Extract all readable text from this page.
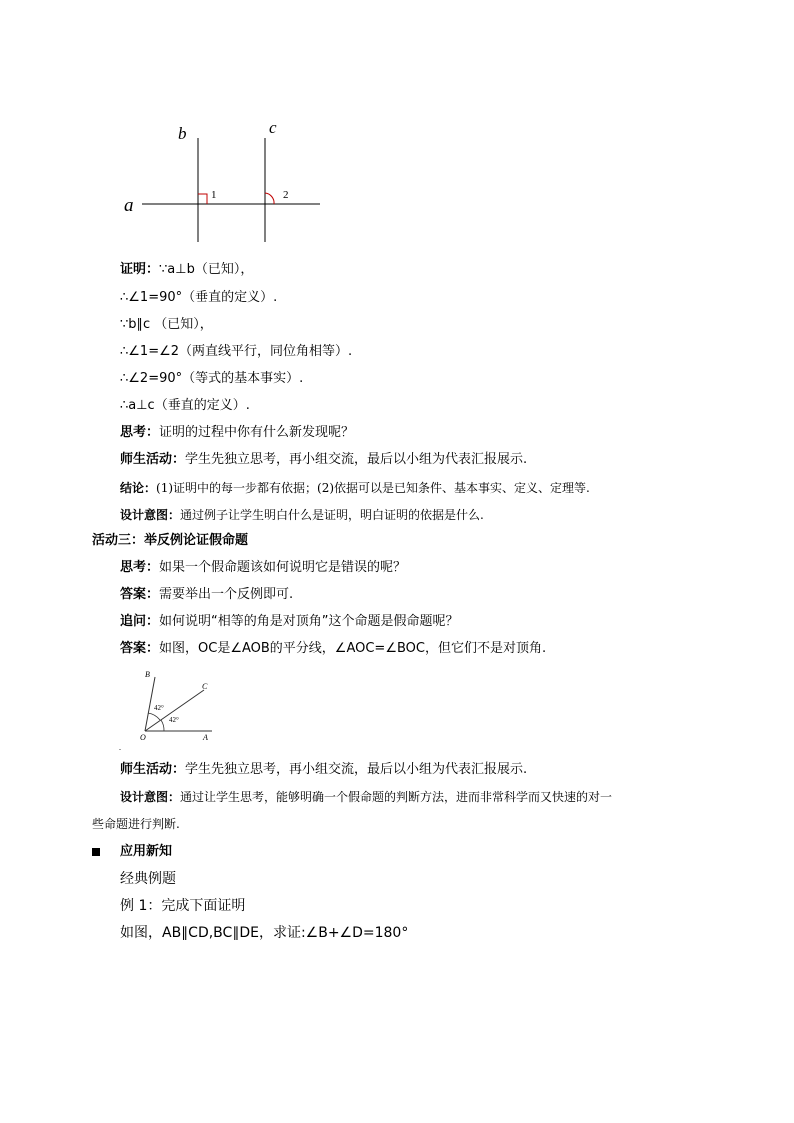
b	c
a	1	2
证明：∵a⊥b（已知），
∴∠1=90°（垂直的定义）.
∵b∥c （已知），
∴∠1=∠2（两直线平行，同位角相等）.
∴∠2=90°（等式的基本事实）.
∴a⊥c（垂直的定义）.
思考：证明的过程中你有什么新发现呢？
师生活动：学生先独立思考，再小组交流，最后以小组为代表汇报展示.
结论：(1)证明中的每一步都有依据；(2)依据可以是已知条件、基本事实、定义、定理等.
设计意图：通过例子让学生明白什么是证明，明白证明的依据是什么.
活动三：举反例论证假命题
思考：如果一个假命题该如何说明它是错误的呢？
答案：需要举出一个反例即可.
追问：如何说明“相等的角是对顶角”这个命题是假命题呢？
答案：如图，OC是∠AOB的平分线，∠AOC=∠BOC，但它们不是对顶角.
B
C
O	A
42°
42°
.
师生活动：学生先独立思考，再小组交流，最后以小组为代表汇报展示.
设计意图：通过让学生思考，能够明确一个假命题的判断方法，进而非常科学而又快速的对一
些命题进行判断.
应用新知
经典例题
例 1：完成下面证明
如图，AB∥CD,BC∥DE，求证:∠B+∠D=180°
